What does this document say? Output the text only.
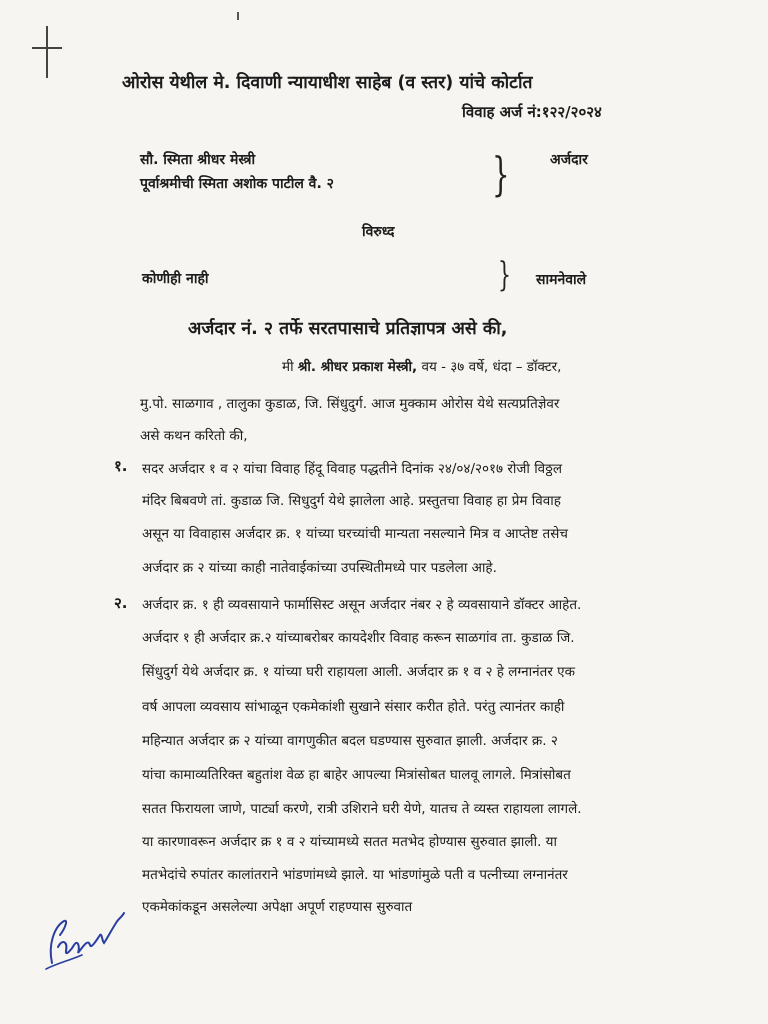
ओरोस येथील मे. दिवाणी न्यायाधीश साहेब (व स्तर) यांचे कोर्टात
विवाह अर्ज नं:१२२/२०२४
सौ. स्मिता श्रीधर मेस्त्री
पूर्वाश्रमीची स्मिता अशोक पाटील वै. २	}	अर्जदार
विरुध्द
कोणीही नाही	} सामनेवाले
अर्जदार नं. २ तर्फे सरतपासाचे प्रतिज्ञापत्र असे की,
मी श्री. श्रीधर प्रकाश मेस्त्री, वय - ३७ वर्षे, धंदा – डॉक्टर,
मु.पो. साळगाव , तालुका कुडाळ, जि. सिंधुदुर्ग. आज मुक्काम ओरोस येथे सत्यप्रतिज्ञेवर
असे कथन करितो की,
१. सदर अर्जदार १ व २ यांचा विवाह हिंदू विवाह पद्धतीने दिनांक २४/०४/२०१७ रोजी विठ्ठल
मंदिर बिबवणे तां. कुडाळ जि. सिधुदुर्ग येथे झालेला आहे. प्रस्तुतचा विवाह हा प्रेम विवाह
असून या विवाहास अर्जदार क्र. १ यांच्या घरच्यांची मान्यता नसल्याने मित्र व आप्तेष्ट तसेच
अर्जदार क्र २ यांच्या काही नातेवाईकांच्या उपस्थितीमध्ये पार पडलेला आहे.
२. अर्जदार क्र. १ ही व्यवसायाने फार्मासिस्ट असून अर्जदार नंबर २ हे व्यवसायाने डॉक्टर आहेत.
अर्जदार १ ही अर्जदार क्र.२ यांच्याबरोबर कायदेशीर विवाह करून साळगांव ता. कुडाळ जि.
सिंधुदुर्ग येथे अर्जदार क्र. १ यांच्या घरी राहायला आली. अर्जदार क्र १ व २ हे लग्नानंतर एक
वर्ष आपला व्यवसाय सांभाळून एकमेकांशी सुखाने संसार करीत होते. परंतु त्यानंतर काही
महिन्यात अर्जदार क्र २ यांच्या वागणुकीत बदल घडण्यास सुरुवात झाली. अर्जदार क्र. २
यांचा कामाव्यतिरिक्त बहुतांश वेळ हा बाहेर आपल्या मित्रांसोबत घालवू लागले. मित्रांसोबत
सतत फिरायला जाणे, पार्ट्या करणे, रात्री उशिराने घरी येणे, यातच ते व्यस्त राहायला लागले.
या कारणावरून अर्जदार क्र १ व २ यांच्यामध्ये सतत मतभेद होण्यास सुरुवात झाली. या
मतभेदांचे रुपांतर कालांतराने भांडणांमध्ये झाले. या भांडणांमुळे पती व पत्नीच्या लग्नानंतर
एकमेकांकडून असलेल्या अपेक्षा अपूर्ण राहण्यास सुरुवात
